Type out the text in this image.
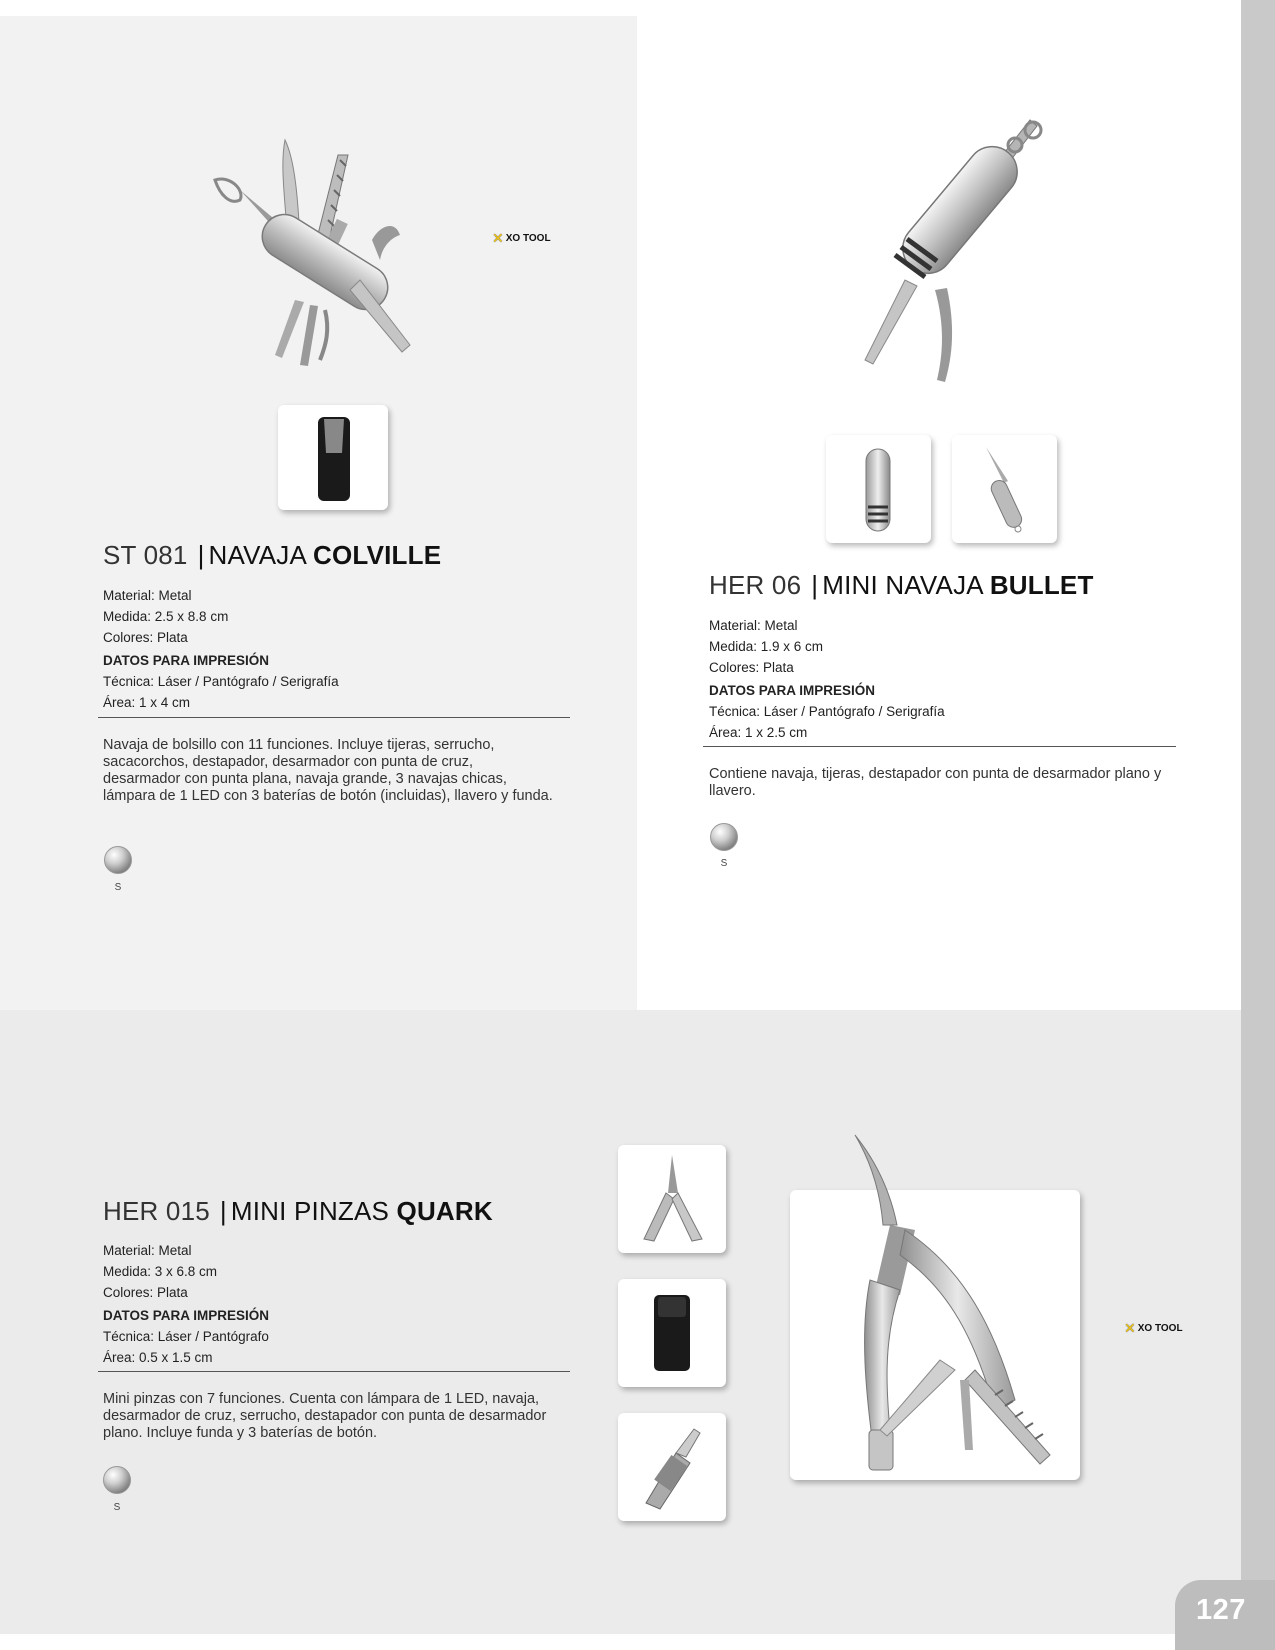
127
✕ XO TOOL
ST 081 | NAVAJA COLVILLE
Material: Metal
Medida: 2.5 x 8.8 cm
Colores: Plata
DATOS PARA IMPRESIÓN
Técnica: Láser / Pantógrafo / Serigrafía
Área: 1 x 4 cm
Navaja de bolsillo con 11 funciones. Incluye tijeras, serrucho, sacacorchos, destapador, desarmador con punta de cruz, desarmador con punta plana, navaja grande, 3 navajas chicas, lámpara de 1 LED con 3 baterías de botón (incluidas), llavero y funda.
S
HER 06 | MINI NAVAJA BULLET
Material: Metal
Medida: 1.9 x 6 cm
Colores: Plata
DATOS PARA IMPRESIÓN
Técnica: Láser / Pantógrafo / Serigrafía
Área: 1 x 2.5 cm
Contiene navaja, tijeras, destapador con punta de desarmador plano y llavero.
S
HER 015 | MINI PINZAS QUARK
Material: Metal
Medida: 3 x 6.8 cm
Colores: Plata
DATOS PARA IMPRESIÓN
Técnica: Láser / Pantógrafo
Área: 0.5 x 1.5 cm
Mini pinzas con 7 funciones. Cuenta con lámpara de 1 LED, navaja, desarmador de cruz, serrucho, destapador con punta de desarmador plano. Incluye funda y 3 baterías de botón.
S
✕ XO TOOL
